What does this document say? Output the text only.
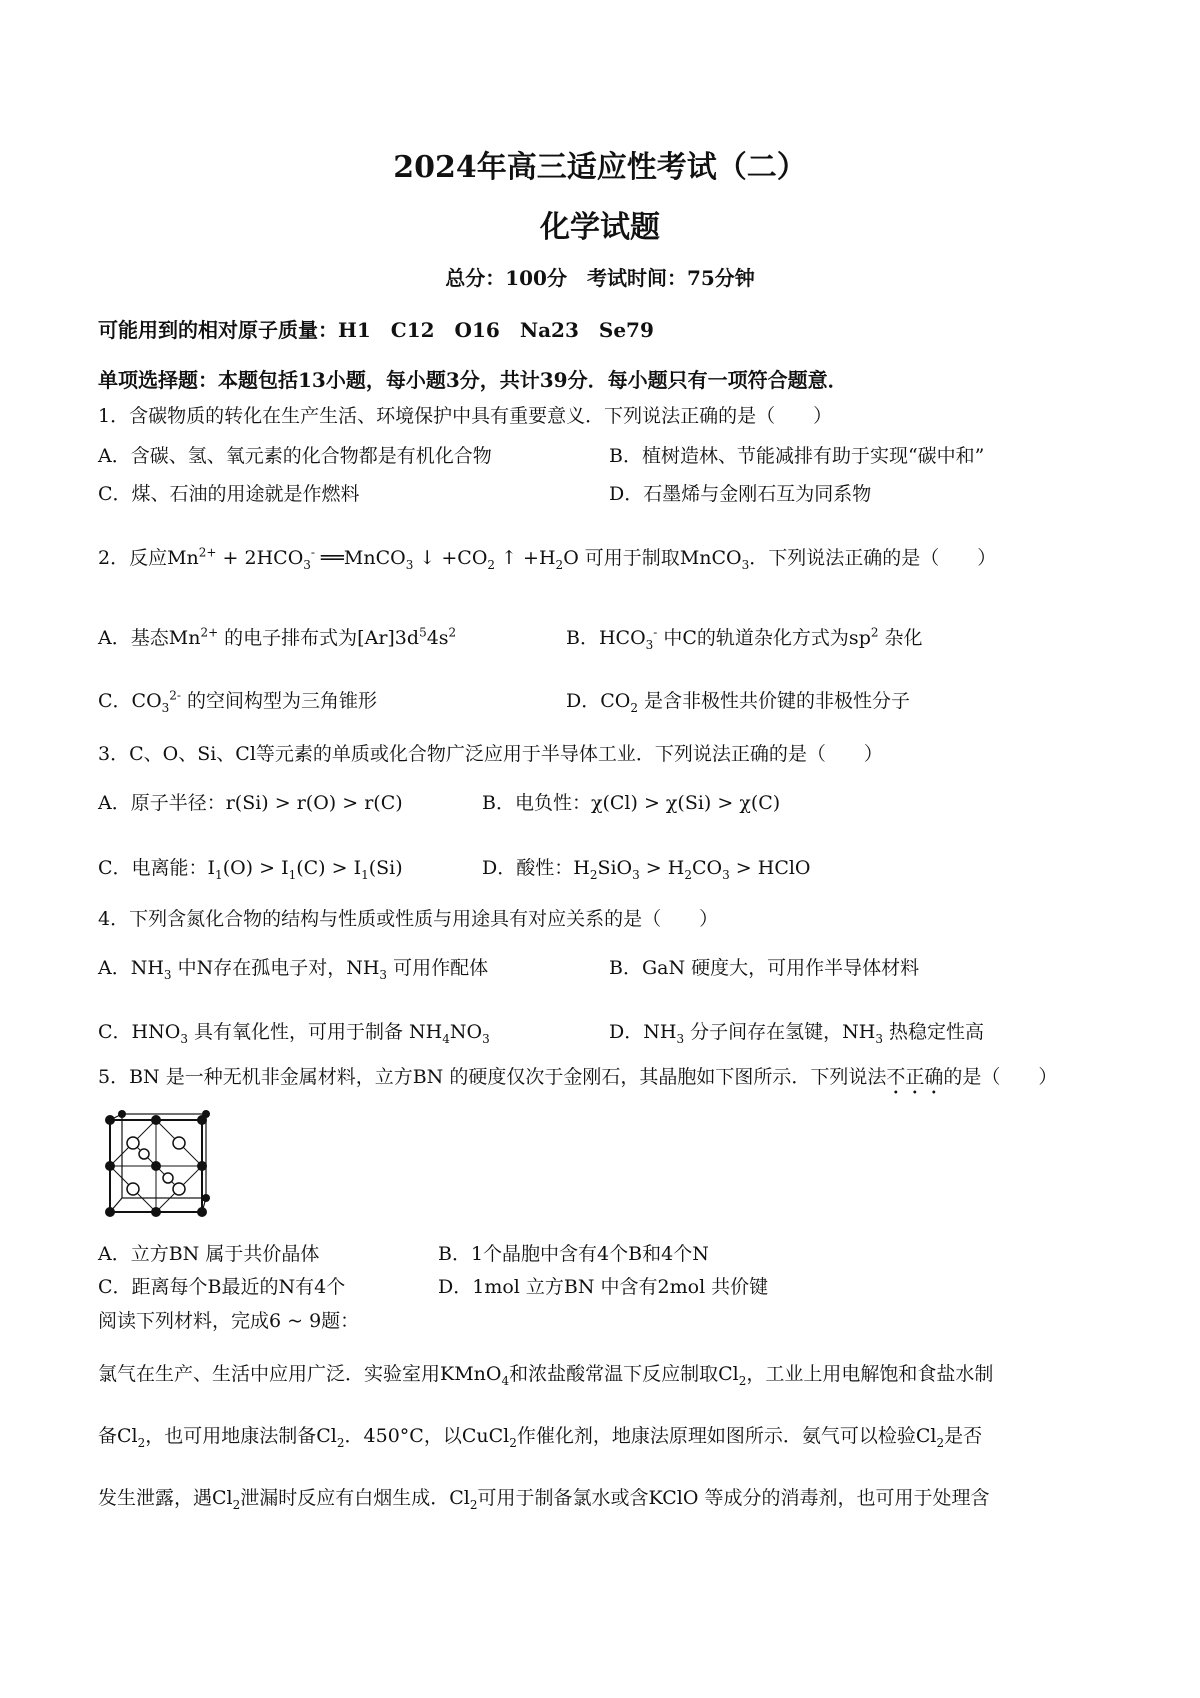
2024年高三适应性考试（二）
化学试题
总分：100分　考试时间：75分钟
可能用到的相对原子质量：H1　C12　O16　Na23　Se79
单项选择题：本题包括13小题，每小题3分，共计39分．每小题只有一项符合题意．
1．含碳物质的转化在生产生活、环境保护中具有重要意义．下列说法正确的是（　　）
A．含碳、氢、氧元素的化合物都是有机化合物	B．植树造林、节能减排有助于实现“碳中和”
C．煤、石油的用途就是作燃料	D．石墨烯与金刚石互为同系物
2．反应$Mn^{2+} + 2HCO_3^-$ ══MnCO$_3$ ↓ $+CO_2$ ↑ $+H_2O$ 可用于制取MnCO$_3$．下列说法正确的是（　　）
A．基态$Mn^{2+}$ 的电子排布式为$[Ar]3d^54s^2$	B．$HCO_3^-$ 中C的轨道杂化方式为$sp^2$ 杂化
C．$CO_3^{2-}$ 的空间构型为三角锥形	D．$CO_2$ 是含非极性共价键的非极性分子
3．C、O、Si、Cl等元素的单质或化合物广泛应用于半导体工业．下列说法正确的是（　　）
A．原子半径：r(Si) > r(O) > r(C)	B．电负性：χ(Cl) > χ(Si) > χ(C)
C．电离能：$I_1(O) > I_1(C) > I_1(Si)$	D．酸性：$H_2SiO_3 > H_2CO_3$ > HClO
4．下列含氮化合物的结构与性质或性质与用途具有对应关系的是（　　）
A．$NH_3$ 中N存在孤电子对，$NH_3$ 可用作配体	B．GaN 硬度大，可用作半导体材料
C．$HNO_3$ 具有氧化性，可用于制备 $NH_4NO_3$	D．$NH_3$ 分子间存在氢键，$NH_3$ 热稳定性高
5．BN 是一种无机非金属材料，立方BN 的硬度仅次于金刚石，其晶胞如下图所示．下列说法不正确的是（　　）
A．立方BN 属于共价晶体	B．1个晶胞中含有4个B和4个N
C．距离每个B最近的N有4个	D．1mol 立方BN 中含有2mol 共价键
阅读下列材料，完成6 ~ 9题：
氯气在生产、生活中应用广泛．实验室用KMnO$_4$和浓盐酸常温下反应制取$Cl_2$，工业上用电解饱和食盐水制
备$Cl_2$，也可用地康法制备$Cl_2$．450°C，以CuCl$_2$作催化剂，地康法原理如图所示．氨气可以检验$Cl_2$是否
发生泄露，遇$Cl_2$泄漏时反应有白烟生成．$Cl_2$可用于制备氯水或含KClO 等成分的消毒剂，也可用于处理含
